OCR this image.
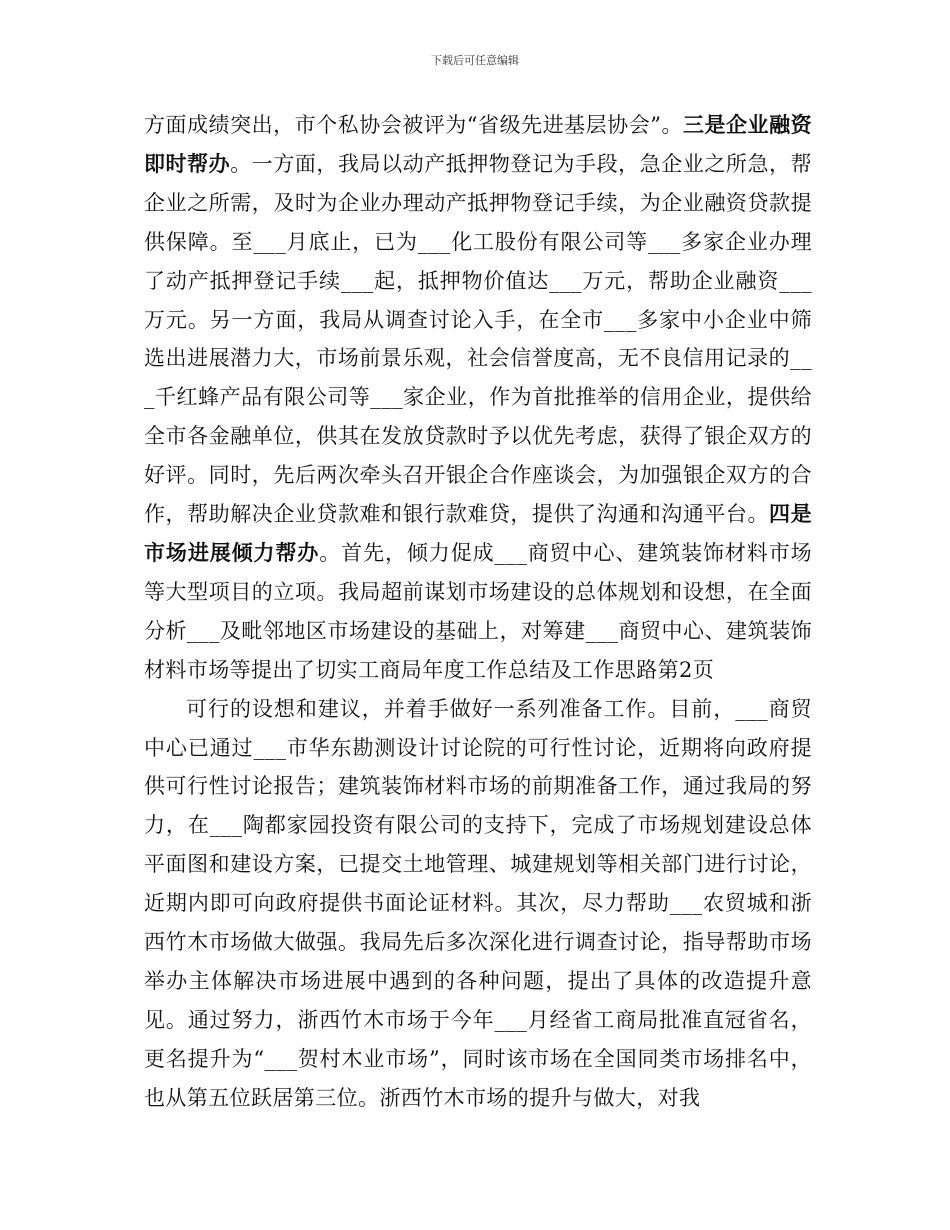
下载后可任意编辑

方面成绩突出，市个私协会被评为“省级先进基层协会”。三是企业融资即时帮办。一方面，我局以动产抵押物登记为手段，急企业之所急，帮企业之所需，及时为企业办理动产抵押物登记手续，为企业融资贷款提供保障。至___月底止，已为___化工股份有限公司等___多家企业办理了动产抵押登记手续___起，抵押物价值达___万元，帮助企业融资___万元。另一方面，我局从调查讨论入手，在全市___多家中小企业中筛选出进展潜力大，市场前景乐观，社会信誉度高，无不良信用记录的___千红蜂产品有限公司等___家企业，作为首批推举的信用企业，提供给全市各金融单位，供其在发放贷款时予以优先考虑，获得了银企双方的好评。同时，先后两次牵头召开银企合作座谈会，为加强银企双方的合作，帮助解决企业贷款难和银行款难贷，提供了沟通和沟通平台。四是市场进展倾力帮办。首先，倾力促成___商贸中心、建筑装饰材料市场等大型项目的立项。我局超前谋划市场建设的总体规划和设想，在全面分析___及毗邻地区市场建设的基础上，对筹建___商贸中心、建筑装饰材料市场等提出了切实工商局年度工作总结及工作思路第2页

可行的设想和建议，并着手做好一系列准备工作。目前，___商贸中心已通过___市华东勘测设计讨论院的可行性讨论，近期将向政府提供可行性讨论报告；建筑装饰材料市场的前期准备工作，通过我局的努力，在___陶都家园投资有限公司的支持下，完成了市场规划建设总体平面图和建设方案，已提交土地管理、城建规划等相关部门进行讨论，近期内即可向政府提供书面论证材料。其次，尽力帮助___农贸城和浙西竹木市场做大做强。我局先后多次深化进行调查讨论，指导帮助市场举办主体解决市场进展中遇到的各种问题，提出了具体的改造提升意见。通过努力，浙西竹木市场于今年___月经省工商局批准直冠省名，更名提升为“___贺村木业市场”，同时该市场在全国同类市场排名中，也从第五位跃居第三位。浙西竹木市场的提升与做大，对我
